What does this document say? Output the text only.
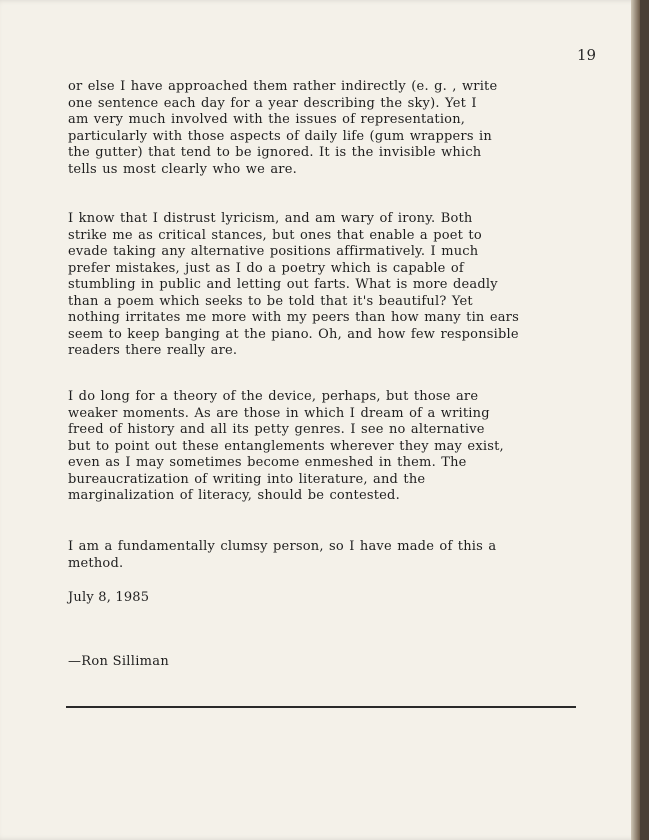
19

or else I have approached them rather indirectly (e. g. , write
one sentence each day for a year describing the sky). Yet I
am very much involved with the issues of representation,
particularly with those aspects of daily life (gum wrappers in
the gutter) that tend to be ignored. It is the invisible which
tells us most clearly who we are.

I know that I distrust lyricism, and am wary of irony. Both
strike me as critical stances, but ones that enable a poet to
evade taking any alternative positions affirmatively. I much
prefer mistakes, just as I do a poetry which is capable of
stumbling in public and letting out farts. What is more deadly
than a poem which seeks to be told that it's beautiful? Yet
nothing irritates me more with my peers than how many tin ears
seem to keep banging at the piano. Oh, and how few responsible
readers there really are.

I do long for a theory of the device, perhaps, but those are
weaker moments. As are those in which I dream of a writing
freed of history and all its petty genres. I see no alternative
but to point out these entanglements wherever they may exist,
even as I may sometimes become enmeshed in them. The
bureaucratization of writing into literature, and the
marginalization of literacy, should be contested.

I am a fundamentally clumsy person, so I have made of this a
method.

July 8, 1985
—Ron Silliman
